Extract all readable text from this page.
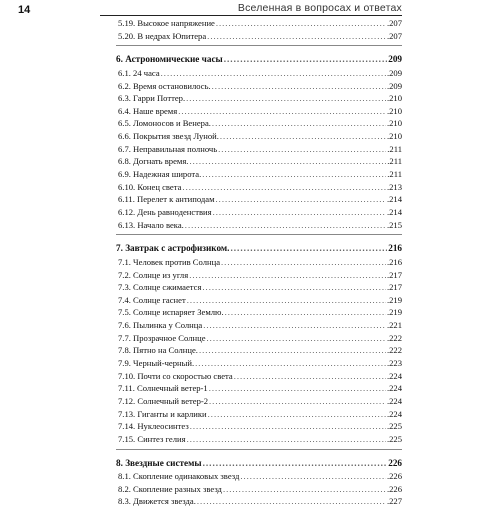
14	Вселенная в вопросах и ответах
5.19. Высокое напряжение .....	.207
5.20. В недрах Юпитера .....	.207
6. Астрономические часы .....	209
6.1. 24 часа .....	.209
6.2. Время остановилось. .....	.209
6.3. Гарри Поттер. .....	.210
6.4. Наше время .....	.210
6.5. Ломоносов и Венера. .....	.210
6.6. Покрытия звезд Луной. .....	.210
6.7. Неправильная полночь .....	.211
6.8. Догнать время. .....	.211
6.9. Надежная широта. .....	.211
6.10. Конец света .....	.213
6.11. Перелет к антиподам .....	.214
6.12. День равноденствия .....	.214
6.13. Начало века. .....	.215
7. Завтрак с астрофизиком. .....	216
7.1. Человек против Солнца .....	.216
7.2. Солнце из угля .....	.217
7.3. Солнце сжимается .....	.217
7.4. Солнце гаснет .....	.219
7.5. Солнце испаряет Землю. .....	.219
7.6. Пылинка у Солнца .....	.221
7.7. Прозрачное Солнце .....	.222
7.8. Пятно на Солнце. .....	.222
7.9. Черный-черный. .....	.223
7.10. Почти со скоростью света .....	.224
7.11. Солнечный ветер-1 .....	.224
7.12. Солнечный ветер-2 .....	.224
7.13. Гиганты и карлики .....	.224
7.14. Нуклеосинтез .....	.225
7.15. Синтез гелия .....	.225
8. Звездные системы .....	226
8.1. Скопление одинаковых звезд .....	.226
8.2. Скопление разных звезд .....	.226
8.3. Движется звезда. .....	.227
